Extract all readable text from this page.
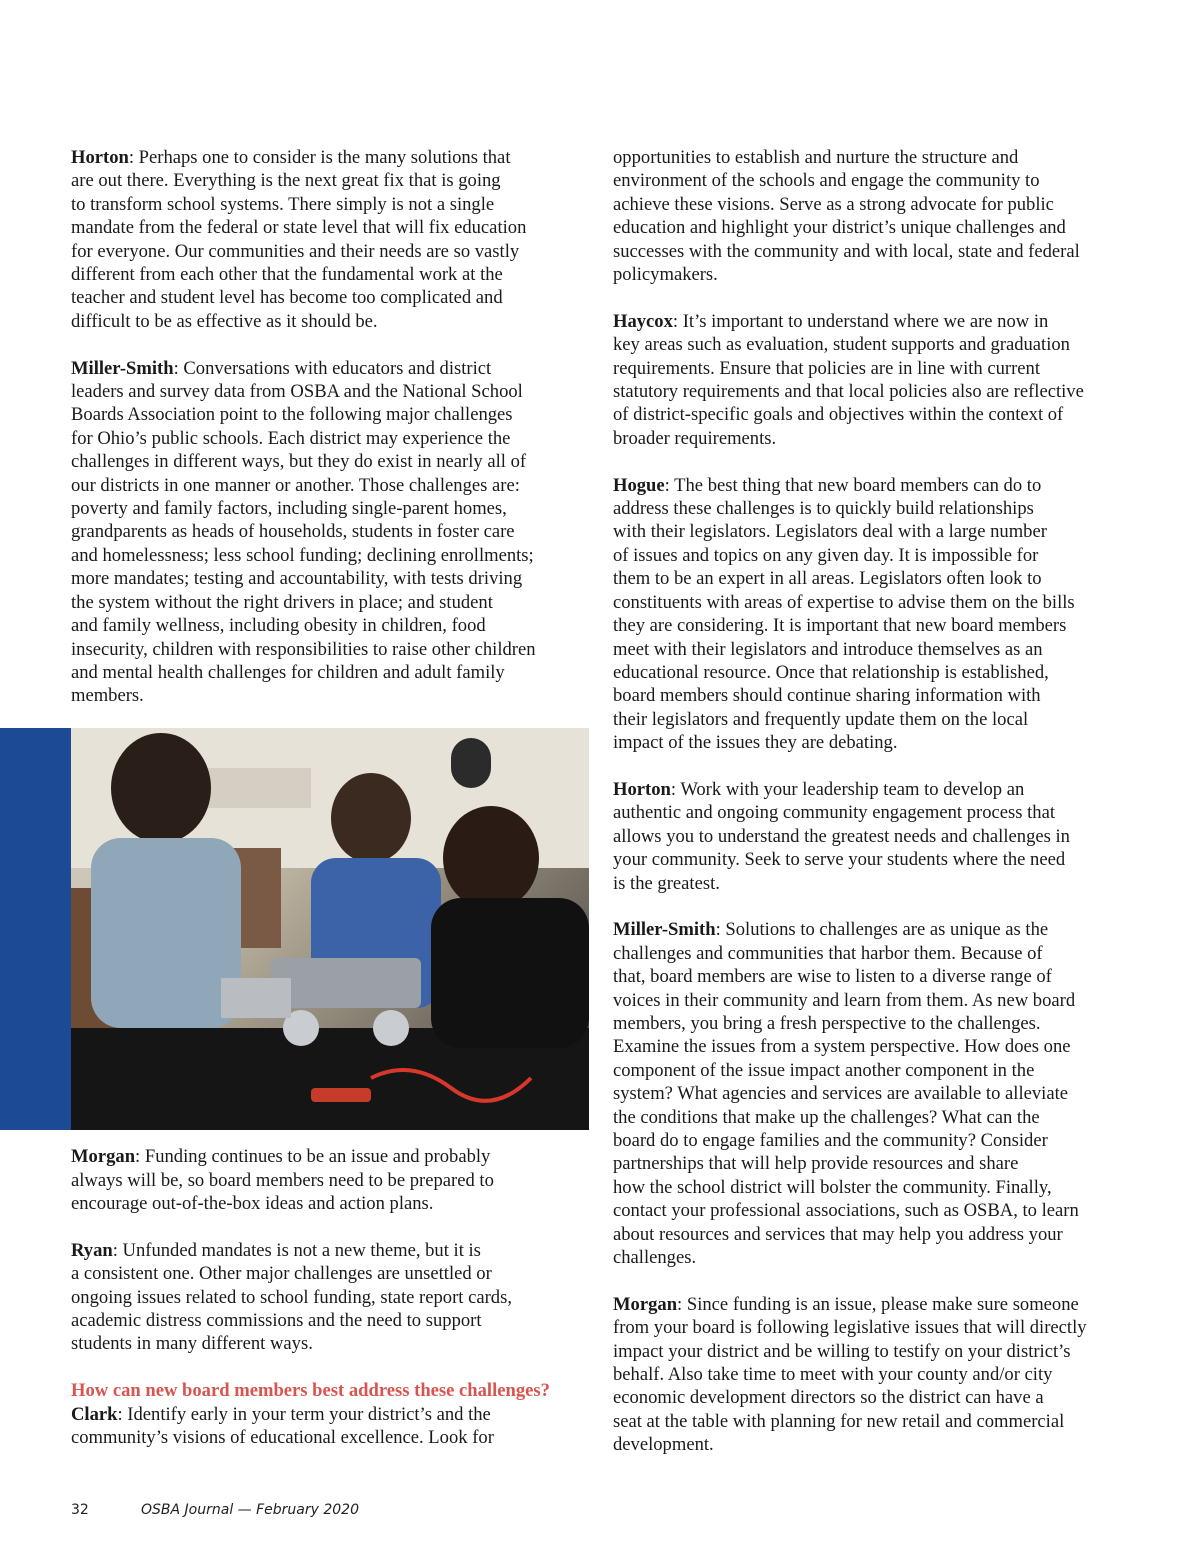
Horton: Perhaps one to consider is the many solutions that
are out there. Everything is the next great fix that is going
to transform school systems. There simply is not a single
mandate from the federal or state level that will fix education
for everyone. Our communities and their needs are so vastly
different from each other that the fundamental work at the
teacher and student level has become too complicated and
difficult to be as effective as it should be.

Miller-Smith: Conversations with educators and district
leaders and survey data from OSBA and the National School
Boards Association point to the following major challenges
for Ohio’s public schools. Each district may experience the
challenges in different ways, but they do exist in nearly all of
our districts in one manner or another. Those challenges are:
poverty and family factors, including single-parent homes,
grandparents as heads of households, students in foster care
and homelessness; less school funding; declining enrollments;
more mandates; testing and accountability, with tests driving
the system without the right drivers in place; and student
and family wellness, including obesity in children, food
insecurity, children with responsibilities to raise other children
and mental health challenges for children and adult family
members.

Morgan: Funding continues to be an issue and probably
always will be, so board members need to be prepared to
encourage out-of-the-box ideas and action plans.

Ryan: Unfunded mandates is not a new theme, but it is
a consistent one. Other major challenges are unsettled or
ongoing issues related to school funding, state report cards,
academic distress commissions and the need to support
students in many different ways.

How can new board members best address these challenges?

Clark: Identify early in your term your district’s and the
community’s visions of educational excellence. Look for

opportunities to establish and nurture the structure and
environment of the schools and engage the community to
achieve these visions. Serve as a strong advocate for public
education and highlight your district’s unique challenges and
successes with the community and with local, state and federal
policymakers.

Haycox: It’s important to understand where we are now in
key areas such as evaluation, student supports and graduation
requirements. Ensure that policies are in line with current
statutory requirements and that local policies also are reflective
of district-specific goals and objectives within the context of
broader requirements.

Hogue: The best thing that new board members can do to
address these challenges is to quickly build relationships
with their legislators. Legislators deal with a large number
of issues and topics on any given day. It is impossible for
them to be an expert in all areas. Legislators often look to
constituents with areas of expertise to advise them on the bills
they are considering. It is important that new board members
meet with their legislators and introduce themselves as an
educational resource. Once that relationship is established,
board members should continue sharing information with
their legislators and frequently update them on the local
impact of the issues they are debating.

Horton: Work with your leadership team to develop an
authentic and ongoing community engagement process that
allows you to understand the greatest needs and challenges in
your community. Seek to serve your students where the need
is the greatest.

Miller-Smith: Solutions to challenges are as unique as the
challenges and communities that harbor them. Because of
that, board members are wise to listen to a diverse range of
voices in their community and learn from them. As new board
members, you bring a fresh perspective to the challenges.
Examine the issues from a system perspective. How does one
component of the issue impact another component in the
system? What agencies and services are available to alleviate
the conditions that make up the challenges? What can the
board do to engage families and the community? Consider
partnerships that will help provide resources and share
how the school district will bolster the community. Finally,
contact your professional associations, such as OSBA, to learn
about resources and services that may help you address your
challenges.

Morgan: Since funding is an issue, please make sure someone
from your board is following legislative issues that will directly
impact your district and be willing to testify on your district’s
behalf. Also take time to meet with your county and/or city
economic development directors so the district can have a
seat at the table with planning for new retail and commercial
development.

32	OSBA Journal — February 2020
